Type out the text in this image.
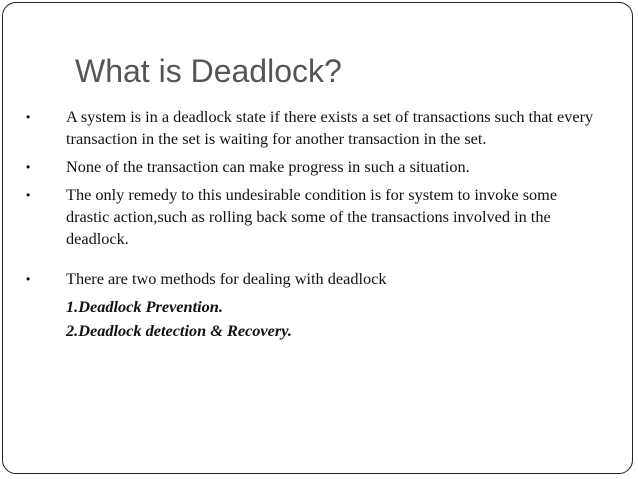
What is Deadlock?
• A system is in a deadlock state if there exists a set of transactions such that every transaction in the set is waiting for another transaction in the set.
• None of the transaction can make progress in such a situation.
• The only remedy to this undesirable condition is for system to invoke some drastic action,such as rolling back some of the transactions involved in the deadlock.
• There are two methods for dealing with deadlock
1.Deadlock Prevention.
2.Deadlock detection & Recovery.
